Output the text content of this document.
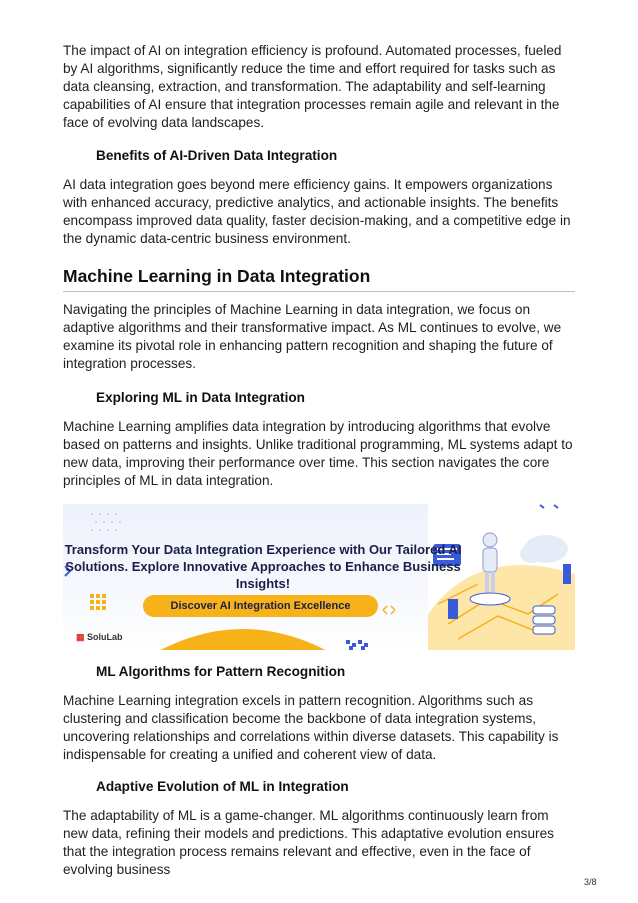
The impact of AI on integration efficiency is profound. Automated processes, fueled by AI algorithms, significantly reduce the time and effort required for tasks such as data cleansing, extraction, and transformation. The adaptability and self-learning capabilities of AI ensure that integration processes remain agile and relevant in the face of evolving data landscapes.

Benefits of AI-Driven Data Integration

AI data integration goes beyond mere efficiency gains. It empowers organizations with enhanced accuracy, predictive analytics, and actionable insights. The benefits encompass improved data quality, faster decision-making, and a competitive edge in the dynamic data-centric business environment.

Machine Learning in Data Integration

Navigating the principles of Machine Learning in data integration, we focus on adaptive algorithms and their transformative impact. As ML continues to evolve, we examine its pivotal role in enhancing pattern recognition and shaping the future of integration processes.

Exploring ML in Data Integration

Machine Learning amplifies data integration by introducing algorithms that evolve based on patterns and insights. Unlike traditional programming, ML systems adapt to new data, improving their performance over time. This section navigates the core principles of ML in data integration.

Transform Your Data Integration Experience with Our Tailored AI Solutions. Explore Innovative Approaches to Enhance Business Insights!
Discover AI Integration Excellence
▦ SoluLab
ML Algorithms for Pattern Recognition

Machine Learning integration excels in pattern recognition. Algorithms such as clustering and classification become the backbone of data integration systems, uncovering relationships and correlations within diverse datasets. This capability is indispensable for creating a unified and coherent view of data.

Adaptive Evolution of ML in Integration

The adaptability of ML is a game-changer. ML algorithms continuously learn from new data, refining their models and predictions. This adaptative evolution ensures that the integration process remains relevant and effective, even in the face of evolving business

3/8
